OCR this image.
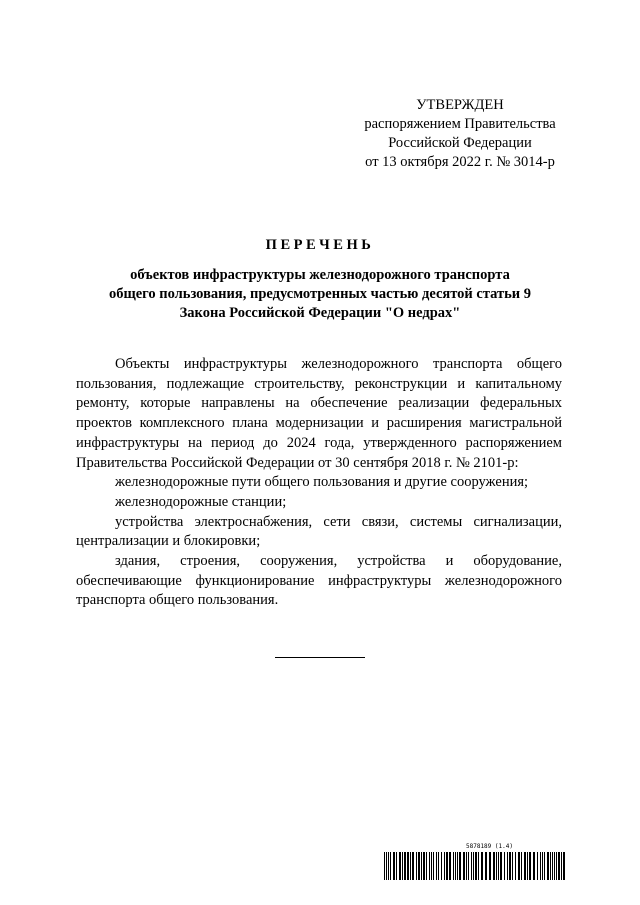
УТВЕРЖДЕН
распоряжением Правительства
Российской Федерации
от 13 октября 2022 г. № 3014-р
ПЕРЕЧЕНЬ
объектов инфраструктуры железнодорожного транспорта
общего пользования, предусмотренных частью десятой статьи 9
Закона Российской Федерации "О недрах"

Объекты инфраструктуры железнодорожного транспорта общего пользования, подлежащие строительству, реконструкции и капитальному ремонту, которые направлены на обеспечение реализации федеральных проектов комплексного плана модернизации и расширения магистральной инфраструктуры на период до 2024 года, утвержденного распоряжением Правительства Российской Федерации от 30 сентября 2018 г. № 2101-р:

железнодорожные пути общего пользования и другие сооружения;

железнодорожные станции;

устройства электроснабжения, сети связи, системы сигнализации, централизации и блокировки;

здания, строения, сооружения, устройства и оборудование, обеспечивающие функционирование инфраструктуры железнодорожного транспорта общего пользования.

5878189 (1.4)
